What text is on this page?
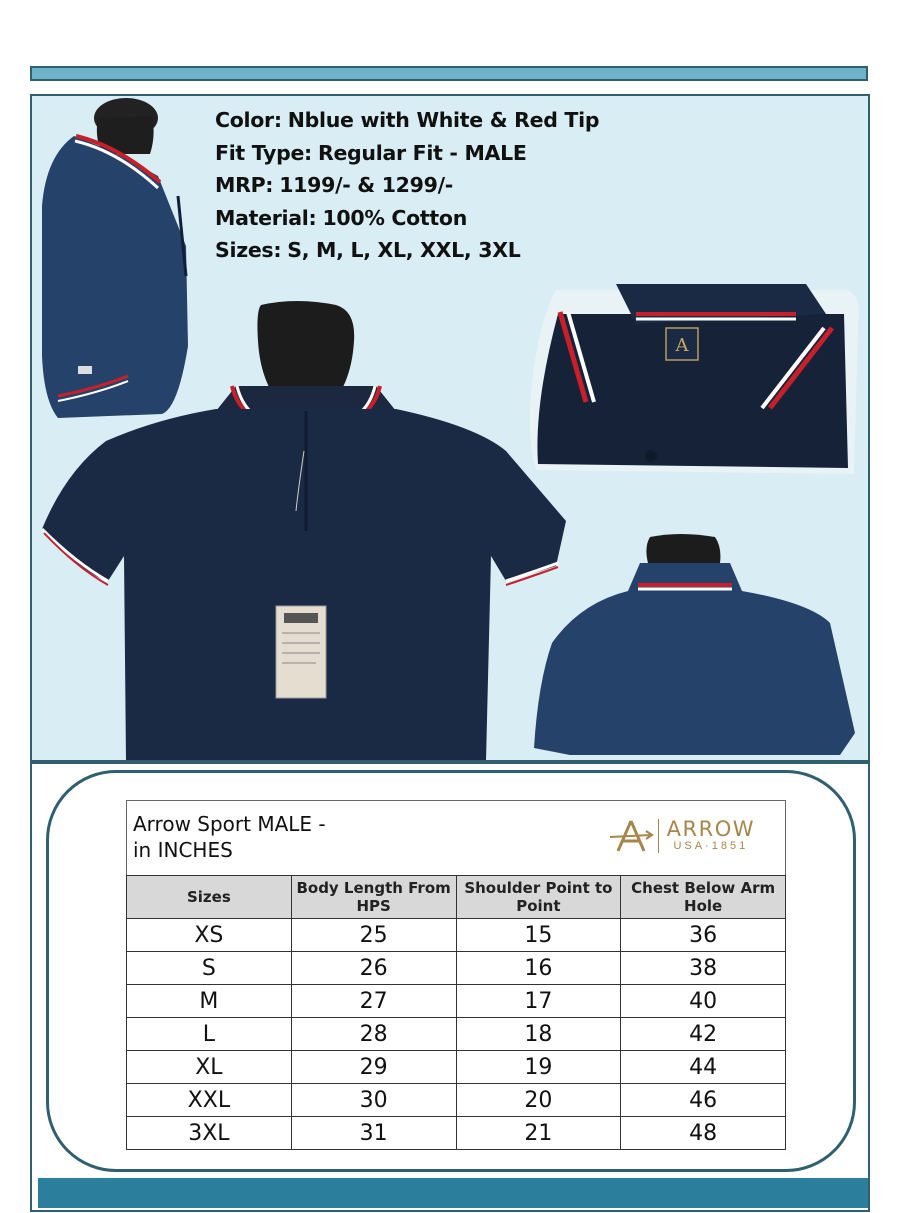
Color: Nblue with White & Red Tip
Fit Type: Regular Fit - MALE
MRP: 1199/- & 1299/-
Material: 100% Cotton
Sizes: S, M, L, XL, XXL, 3XL
A
Arrow Sport MALE -
in INCHES
ARROW
USA·1851
Sizes	Body Length From HPS	Shoulder Point to Point	Chest Below Arm Hole
XS	25	15	36
S	26	16	38
M	27	17	40
L	28	18	42
XL	29	19	44
XXL	30	20	46
3XL	31	21	48
